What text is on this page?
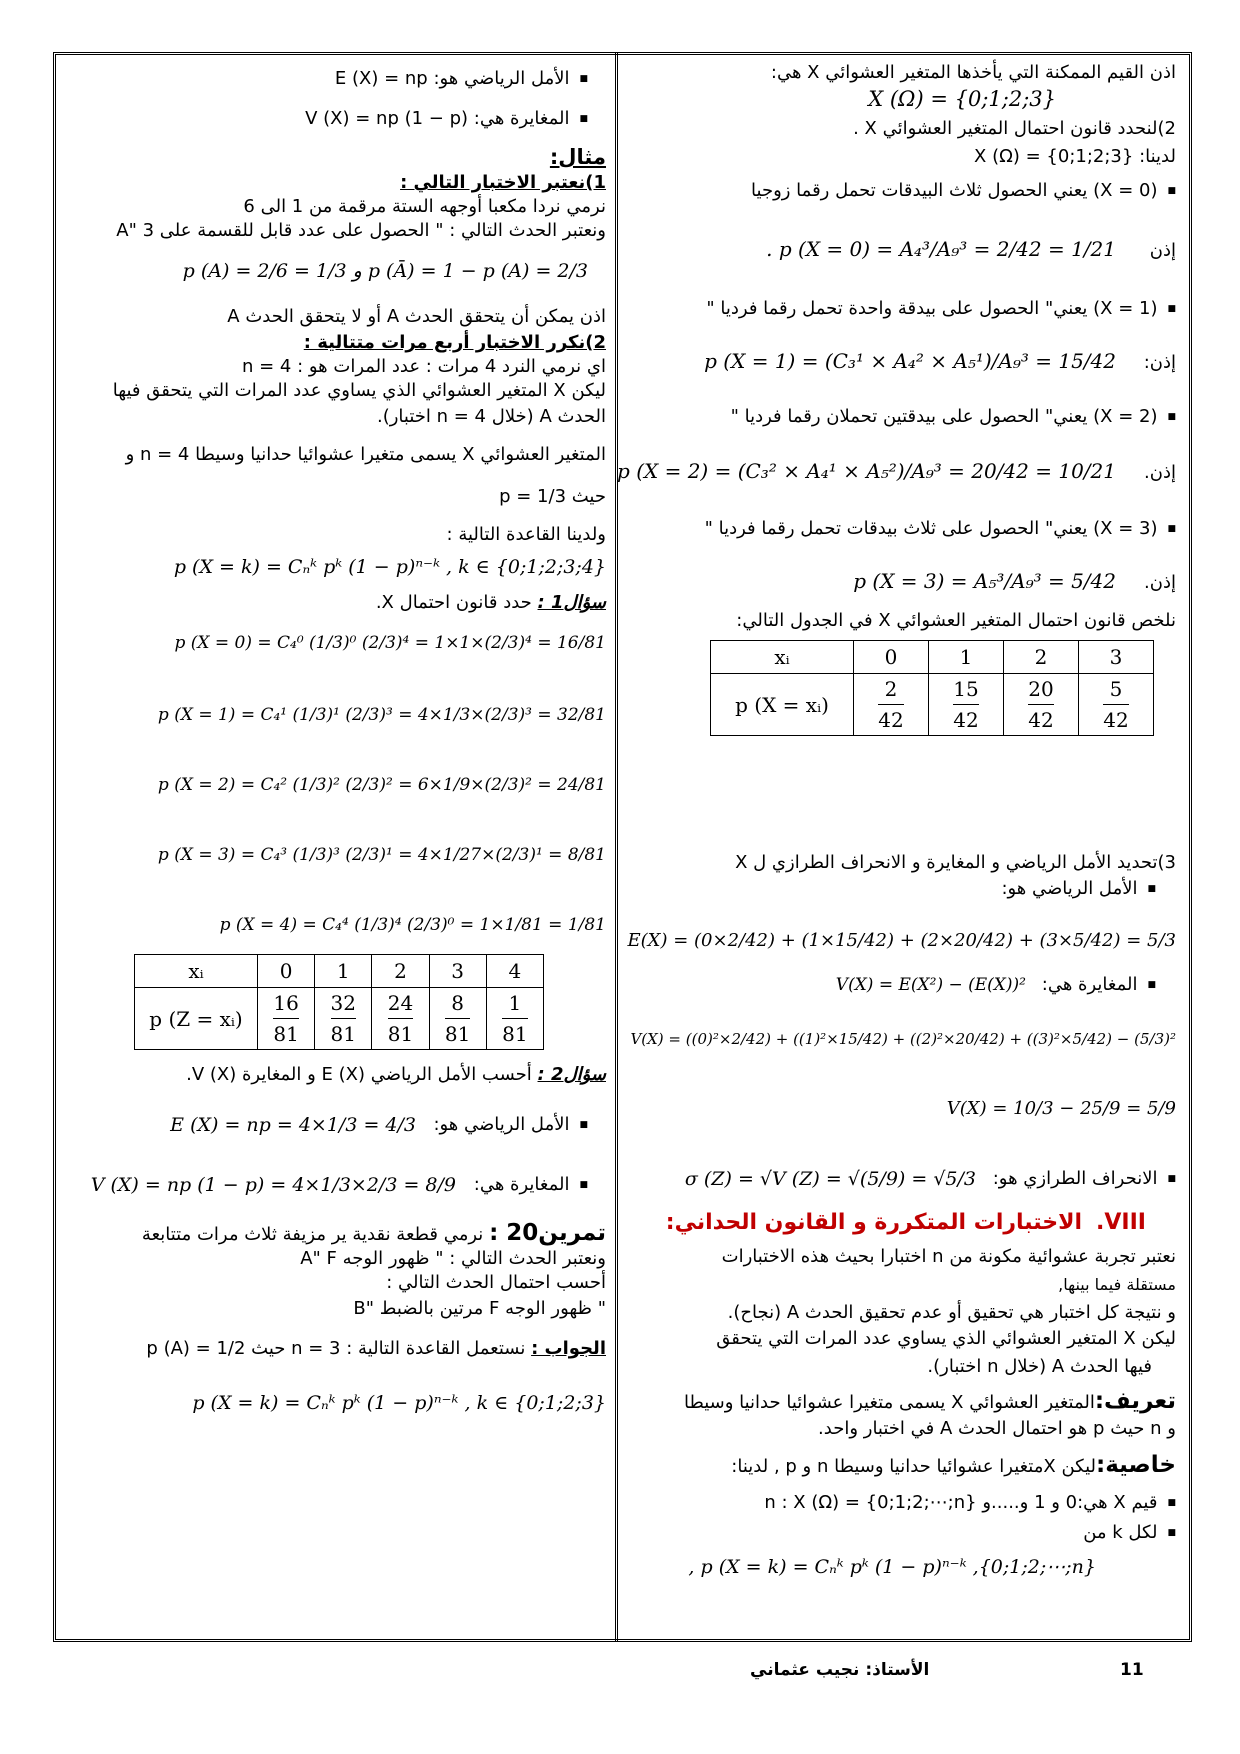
اذن القيم الممكنة التي يأخذها المتغير العشوائي X هي:
X (Ω) = {0;1;2;3}
2)لنحدد قانون احتمال المتغير العشوائي X .
لدينا: X (Ω) = {0;1;2;3}
■ (X = 0) يعني الحصول ثلاث البيدقات تحمل رقما زوجيا
إذن
. p (X = 0) = A₄³/A₉³ = 2/42 = 1/21
■ (X = 1) يعني" الحصول على بيدقة واحدة تحمل رقما فرديا "
إذن:
p (X = 1) = (C₃¹ × A₄² × A₅¹)/A₉³ = 15/42
■ (X = 2) يعني" الحصول على بيدقتين تحملان رقما فرديا "
إذن.
p (X = 2) = (C₃² × A₄¹ × A₅²)/A₉³ = 20/42 = 10/21
■ (X = 3) يعني" الحصول على ثلاث بيدقات تحمل رقما فرديا "
إذن.
p (X = 3) = A₅³/A₉³ = 5/42
نلخص قانون احتمال المتغير العشوائي X في الجدول التالي:
xᵢ	0	1	2	3
p (X = xᵢ)	$\frac{2}{42}$	$\frac{15}{42}$	$\frac{20}{42}$	$\frac{5}{42}$
3)تحديد الأمل الرياضي و المغايرة و الانحراف الطرازي ل X
■ الأمل الرياضي هو:
E(X) = (0×2/42) + (1×15/42) + (2×20/42) + (3×5/42) = 5/3
■ المغايرة هي:
V(X) = E(X²) − (E(X))²
V(X) = ((0)²×2/42) + ((1)²×15/42) + ((2)²×20/42) + ((3)²×5/42) − (5/3)²
V(X) = 10/3 − 25/9 = 5/9
■ الانحراف الطرازي هو:
σ (Z) = √V (Z) = √(5/9) = √5/3
VIII.الاختبارات المتكررة و القانون الحداني:
نعتبر تجربة عشوائية مكونة من n اختبارا بحيث هذه الاختبارات
مستقلة فيما بينها,
و نتيجة كل اختبار هي تحقيق أو عدم تحقيق الحدث A (نجاح).
ليكن X المتغير العشوائي الذي يساوي عدد المرات التي يتحقق
فيها الحدث A (خلال n اختبار).
تعريف:المتغير العشوائي X يسمى متغيرا عشوائيا حدانيا وسيطا
و n حيث p هو احتمال الحدث A في اختبار واحد.
خاصية:ليكن Xمتغيرا عشوائيا حدانيا وسيطا n و p , لدينا:
■ قيم X هي:0 و 1 و.....و n : X (Ω) = {0;1;2;⋯;n}
■ لكل k من
, p (X = k) = Cₙᵏ pᵏ (1 − p)ⁿ⁻ᵏ ,{0;1;2;⋯;n}
■ الأمل الرياضي هو: E (X) = np
■ المغايرة هي: V (X) = np (1 − p)
مثال:
1)نعتبر الاختبار التالي :
نرمي نردا مكعبا أوجهه الستة مرقمة من 1 الى 6
ونعتبر الحدث التالي : " الحصول على عدد قابل للقسمة على 3 "A
p (A) = 2/6 = 1/3 و p (Ā) = 1 − p (A) = 2/3
اذن يمكن أن يتحقق الحدث A أو لا يتحقق الحدث A
2)نكرر الاختبار أربع مرات متتالية :
اي نرمي النرد 4 مرات : عدد المرات هو : 4 = n
ليكن X المتغير العشوائي الذي يساوي عدد المرات التي يتحقق فيها
الحدث A (خلال n = 4 اختبار).
المتغير العشوائي X يسمى متغيرا عشوائيا حدانيا وسيطا n = 4 و
حيث p = 1/3
ولدينا القاعدة التالية :
p (X = k) = Cₙᵏ pᵏ (1 − p)ⁿ⁻ᵏ , k ∈ {0;1;2;3;4}
سؤال1 : حدد قانون احتمال X.
p (X = 0) = C₄⁰ (1/3)⁰ (2/3)⁴ = 1×1×(2/3)⁴ = 16/81
p (X = 1) = C₄¹ (1/3)¹ (2/3)³ = 4×1/3×(2/3)³ = 32/81
p (X = 2) = C₄² (1/3)² (2/3)² = 6×1/9×(2/3)² = 24/81
p (X = 3) = C₄³ (1/3)³ (2/3)¹ = 4×1/27×(2/3)¹ = 8/81
p (X = 4) = C₄⁴ (1/3)⁴ (2/3)⁰ = 1×1/81 = 1/81
xᵢ	0	1	2	3	4
p (Z = xᵢ)	$\frac{16}{81}$	$\frac{32}{81}$	$\frac{24}{81}$	$\frac{8}{81}$	$\frac{1}{81}$
سؤال2 : أحسب الأمل الرياضي E (X) و المغايرة V (X).
■ الأمل الرياضي هو:
E (X) = np = 4×1/3 = 4/3
■ المغايرة هي:
V (X) = np (1 − p) = 4×1/3×2/3 = 8/9
تمرين20 : نرمي قطعة نقدية ير مزيفة ثلاث مرات متتابعة
ونعتبر الحدث التالي : " ظهور الوجه A" F
أحسب احتمال الحدث التالي :
" ظهور الوجه F مرتين بالضبط "B
الجواب : نستعمل القاعدة التالية : n = 3 حيث p (A) = 1/2
p (X = k) = Cₙᵏ pᵏ (1 − p)ⁿ⁻ᵏ , k ∈ {0;1;2;3}
11
الأستاذ: نجيب عثماني
